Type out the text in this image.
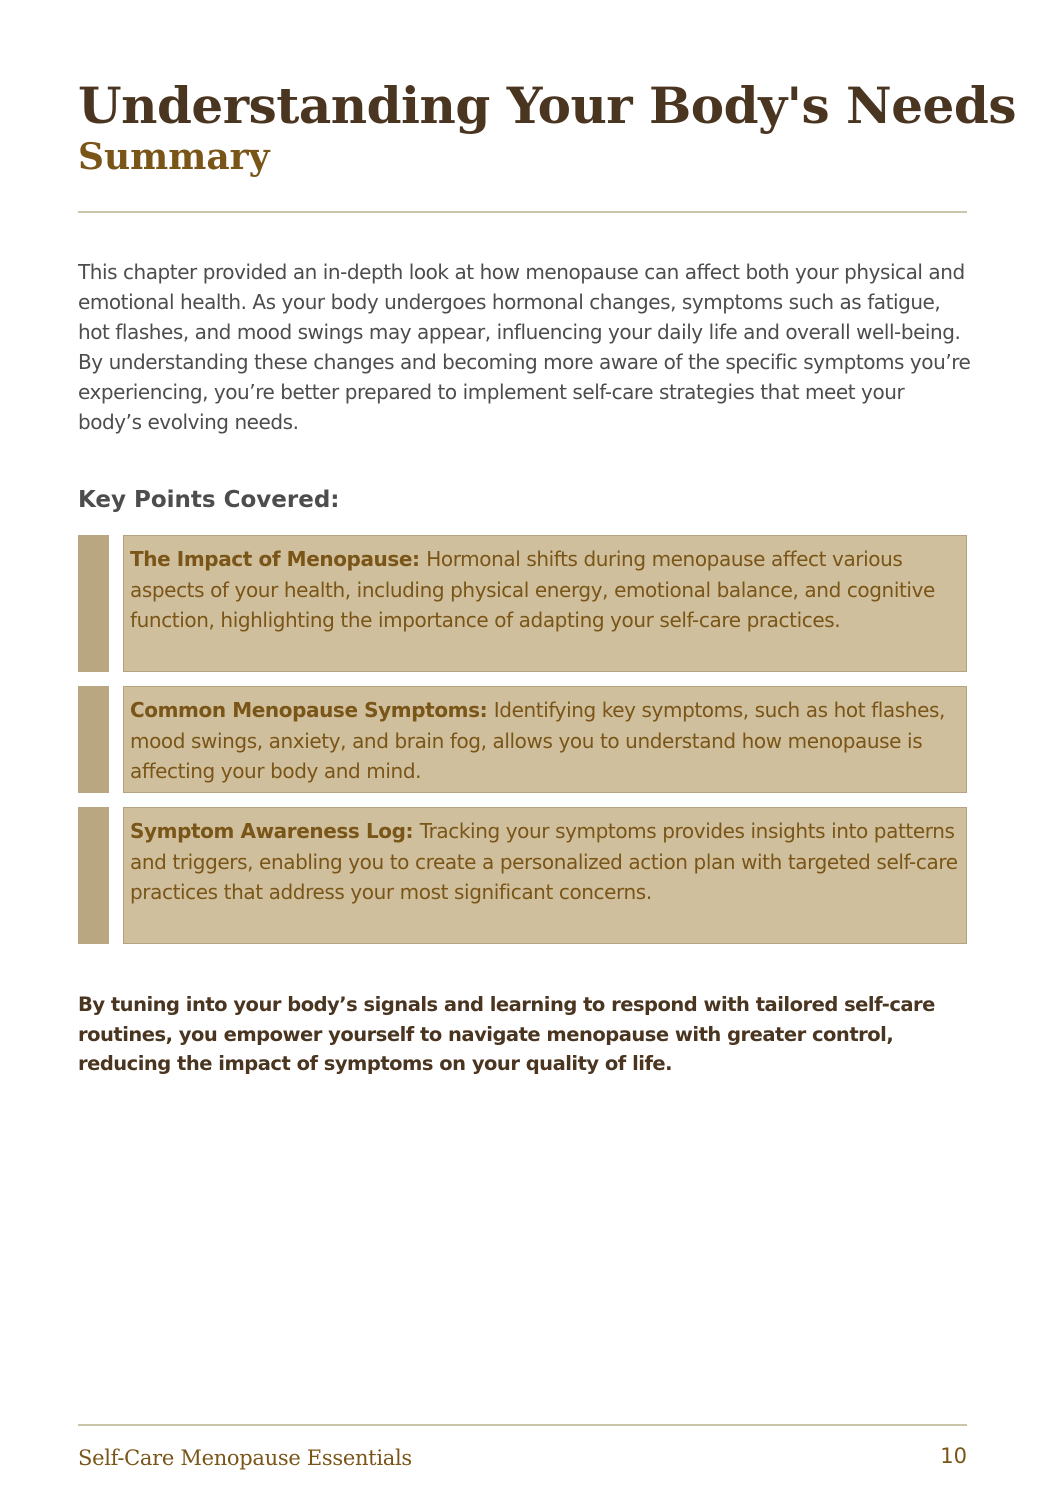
Understanding Your Body's Needs
Summary

This chapter provided an in-depth look at how menopause can affect both your physical and emotional health. As your body undergoes hormonal changes, symptoms such as fatigue, hot flashes, and mood swings may appear, influencing your daily life and overall well-being. By understanding these changes and becoming more aware of the specific symptoms you’re experiencing, you’re better prepared to implement self-care strategies that meet your body’s evolving needs.

Key Points Covered:
The Impact of Menopause: Hormonal shifts during menopause affect various aspects of your health, including physical energy, emotional balance, and cognitive function, highlighting the importance of adapting your self-care practices.
Common Menopause Symptoms: Identifying key symptoms, such as hot flashes, mood swings, anxiety, and brain fog, allows you to understand how menopause is affecting your body and mind.
Symptom Awareness Log: Tracking your symptoms provides insights into patterns and triggers, enabling you to create a personalized action plan with targeted self-care practices that address your most significant concerns.

By tuning into your body’s signals and learning to respond with tailored self-care routines, you empower yourself to navigate menopause with greater control, reducing the impact of symptoms on your quality of life.

Self-Care Menopause Essentials	10
